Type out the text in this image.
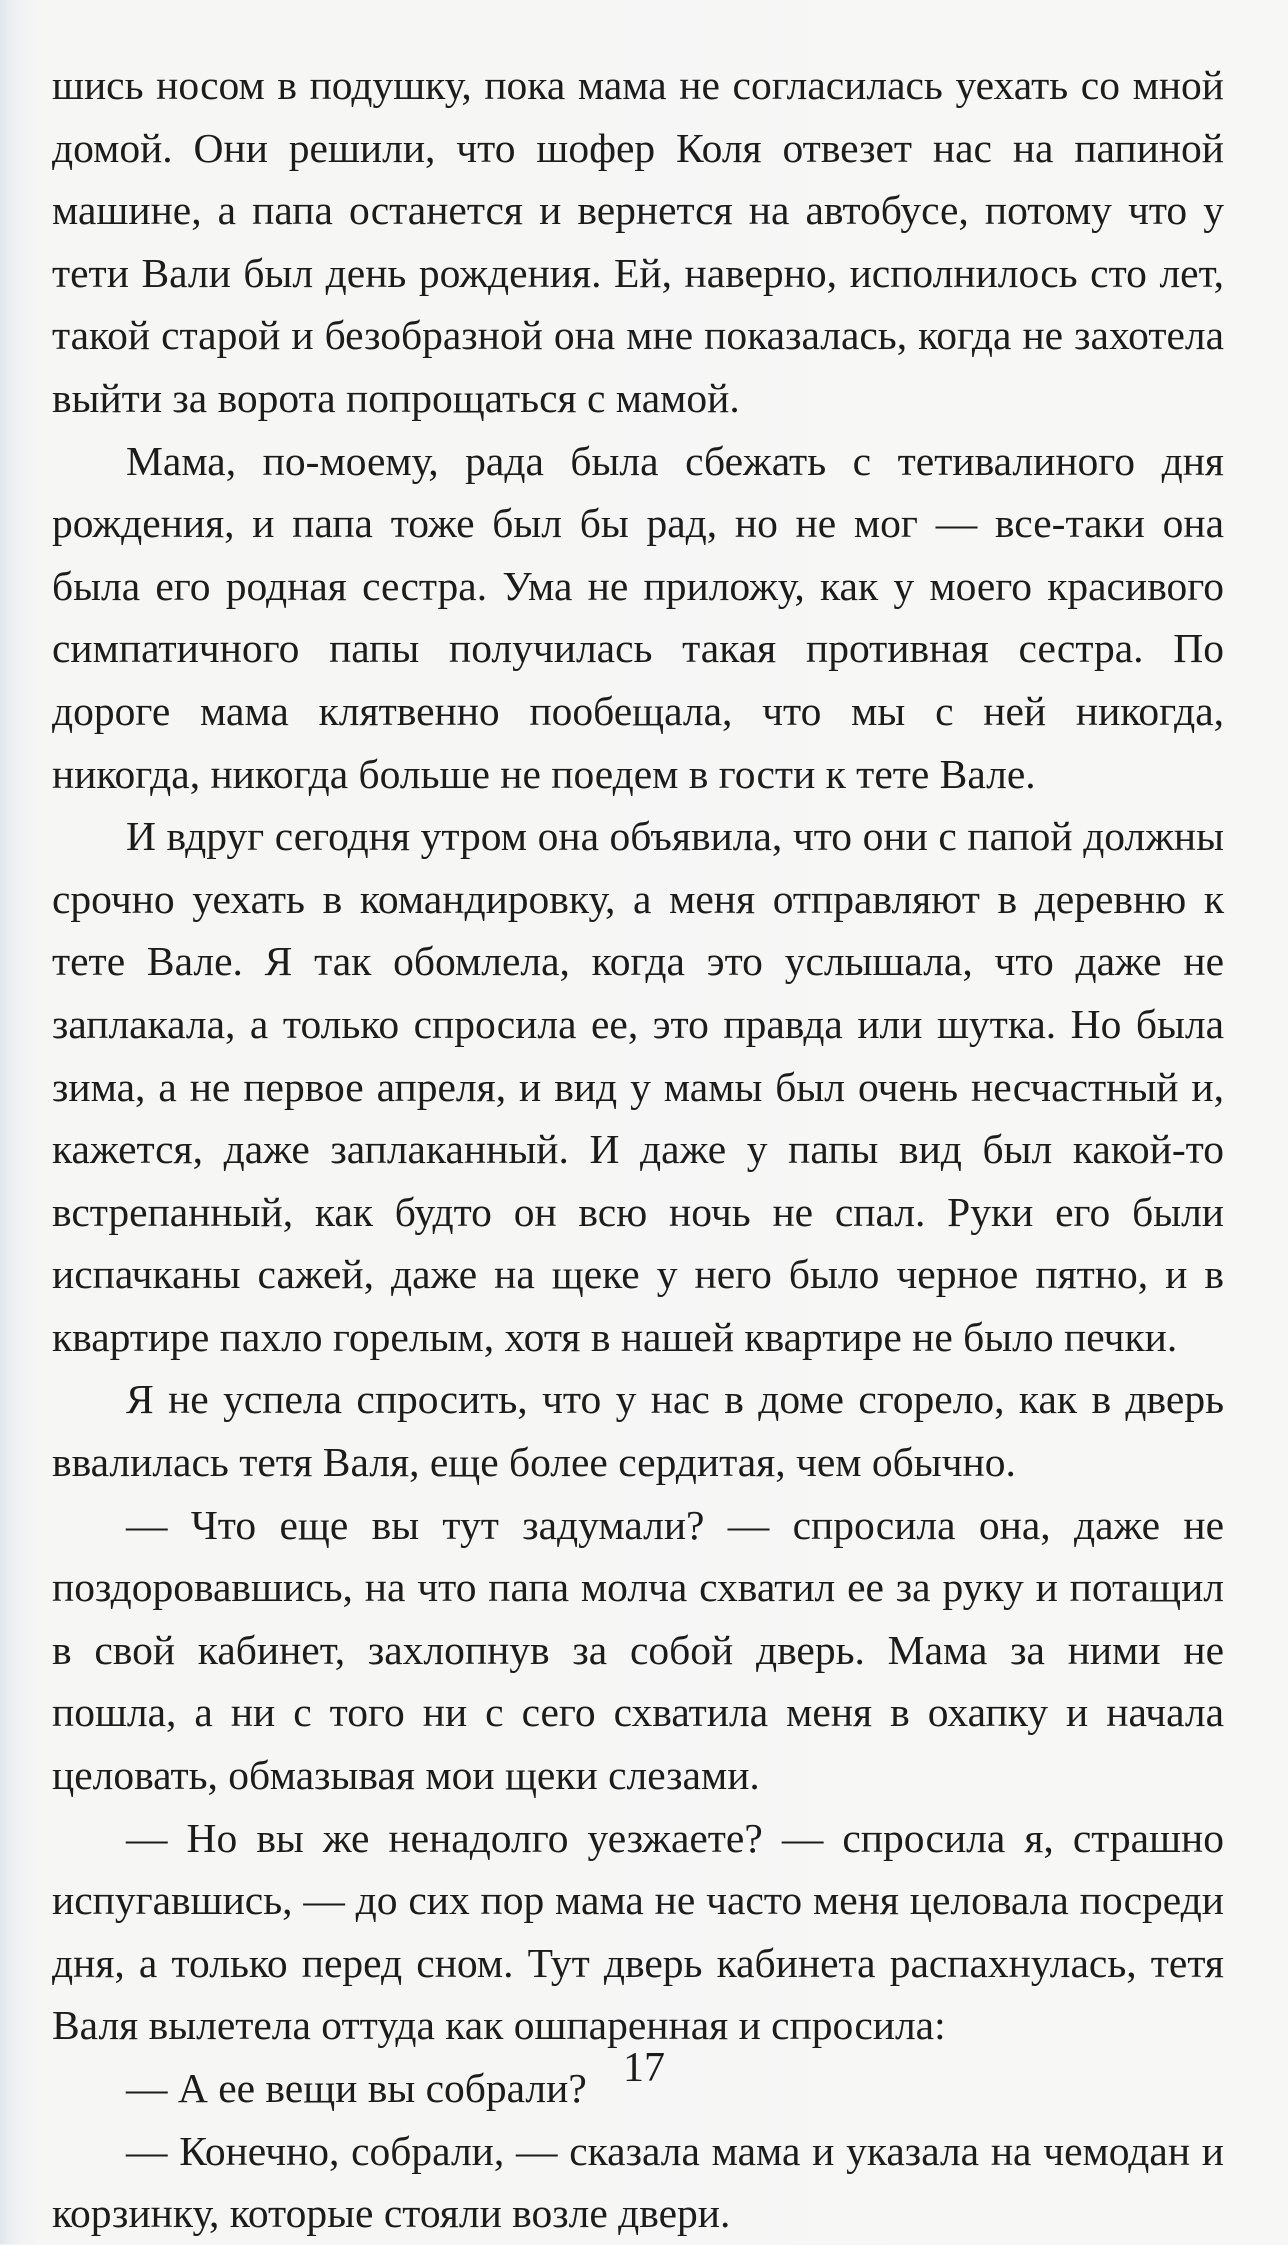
шись носом в подушку, пока мама не согласилась уехать со мной домой. Они решили, что шофер Коля отвезет нас на папиной машине, а папа останется и вернется на автобусе, потому что у тети Вали был день рождения. Ей, наверно, исполнилось сто лет, такой старой и безобразной она мне показалась, когда не захотела выйти за ворота попрощаться с мамой.

Мама, по-моему, рада была сбежать с тетивалиного дня рождения, и папа тоже был бы рад, но не мог — все-таки она была его родная сестра. Ума не приложу, как у моего красивого симпатичного папы получилась такая противная сестра. По дороге мама клятвенно пообещала, что мы с ней никогда, никогда, никогда больше не поедем в гости к тете Вале.

И вдруг сегодня утром она объявила, что они с папой должны срочно уехать в командировку, а меня отправляют в деревню к тете Вале. Я так обомлела, когда это услышала, что даже не заплакала, а только спросила ее, это правда или шутка. Но была зима, а не первое апреля, и вид у мамы был очень несчастный и, кажется, даже заплаканный. И даже у папы вид был какой-то встрепанный, как будто он всю ночь не спал. Руки его были испачканы сажей, даже на щеке у него было черное пятно, и в квартире пахло горелым, хотя в нашей квартире не было печки.

Я не успела спросить, что у нас в доме сгорело, как в дверь ввалилась тетя Валя, еще более сердитая, чем обычно.

— Что еще вы тут задумали? — спросила она, даже не поздоровавшись, на что папа молча схватил ее за руку и потащил в свой кабинет, захлопнув за собой дверь. Мама за ними не пошла, а ни с того ни с сего схватила меня в охапку и начала целовать, обмазывая мои щеки слезами.

— Но вы же ненадолго уезжаете? — спросила я, страшно испугавшись, — до сих пор мама не часто меня целовала посреди дня, а только перед сном. Тут дверь кабинета распахнулась, тетя Валя вылетела оттуда как ошпаренная и спросила:

— А ее вещи вы собрали?

— Конечно, собрали, — сказала мама и указала на чемодан и корзинку, которые стояли возле двери.

17
